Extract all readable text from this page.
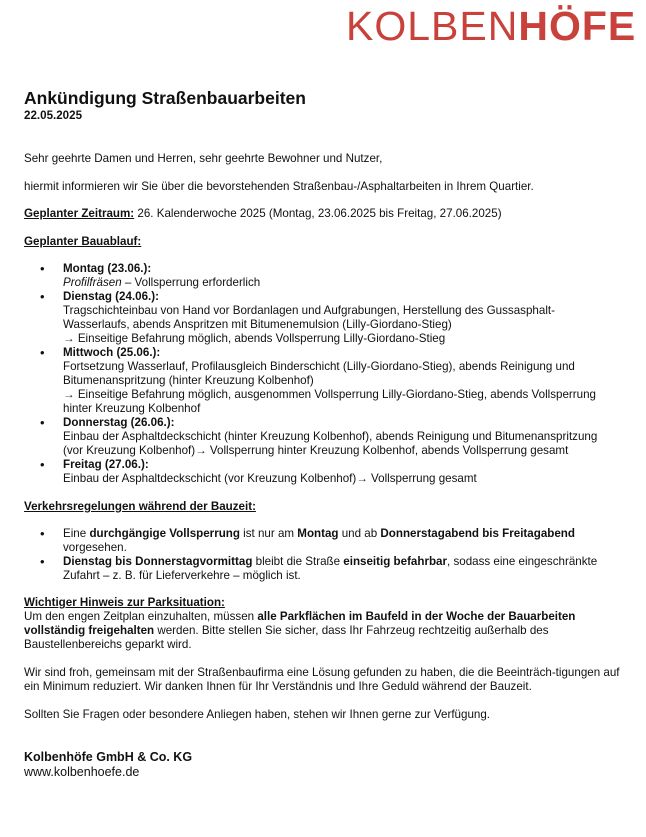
KOLBENHÖFE
Ankündigung Straßenbauarbeiten
22.05.2025

Sehr geehrte Damen und Herren, sehr geehrte Bewohner und Nutzer,

hiermit informieren wir Sie über die bevorstehenden Straßenbau-/Asphaltarbeiten in Ihrem Quartier.

Geplanter Zeitraum: 26. Kalenderwoche 2025 (Montag, 23.06.2025 bis Freitag, 27.06.2025)

Geplanter Bauablauf:

• Montag (23.06.):
Profilfräsen – Vollsperrung erforderlich
• Dienstag (24.06.):
Tragschichteinbau von Hand vor Bordanlagen und Aufgrabungen, Herstellung des Gussasphalt-Wasserlaufs, abends Anspritzen mit Bitumenemulsion (Lilly-Giordano-Stieg)
→ Einseitige Befahrung möglich, abends Vollsperrung Lilly-Giordano-Stieg
• Mittwoch (25.06.):
Fortsetzung Wasserlauf, Profilausgleich Binderschicht (Lilly-Giordano-Stieg), abends Reinigung und Bitumenanspritzung (hinter Kreuzung Kolbenhof)
→ Einseitige Befahrung möglich, ausgenommen Vollsperrung Lilly-Giordano-Stieg, abends Vollsperrung hinter Kreuzung Kolbenhof
• Donnerstag (26.06.):
Einbau der Asphaltdeckschicht (hinter Kreuzung Kolbenhof), abends Reinigung und Bitumenanspritzung (vor Kreuzung Kolbenhof)→ Vollsperrung hinter Kreuzung Kolbenhof, abends Vollsperrung gesamt
• Freitag (27.06.):
Einbau der Asphaltdeckschicht (vor Kreuzung Kolbenhof)→ Vollsperrung gesamt

Verkehrsregelungen während der Bauzeit:

• Eine durchgängige Vollsperrung ist nur am Montag und ab Donnerstagabend bis Freitagabend vorgesehen.
• Dienstag bis Donnerstagvormittag bleibt die Straße einseitig befahrbar, sodass eine eingeschränkte Zufahrt – z. B. für Lieferverkehre – möglich ist.

Wichtiger Hinweis zur Parksituation:

Um den engen Zeitplan einzuhalten, müssen alle Parkflächen im Baufeld in der Woche der Bauarbeiten vollständig freigehalten werden. Bitte stellen Sie sicher, dass Ihr Fahrzeug rechtzeitig außerhalb des Baustellenbereichs geparkt wird.

Wir sind froh, gemeinsam mit der Straßenbaufirma eine Lösung gefunden zu haben, die die Beeinträch-tigungen auf ein Minimum reduziert. Wir danken Ihnen für Ihr Verständnis und Ihre Geduld während der Bauzeit.

Sollten Sie Fragen oder besondere Anliegen haben, stehen wir Ihnen gerne zur Verfügung.

Kolbenhöfe GmbH & Co. KG

www.kolbenhoefe.de
